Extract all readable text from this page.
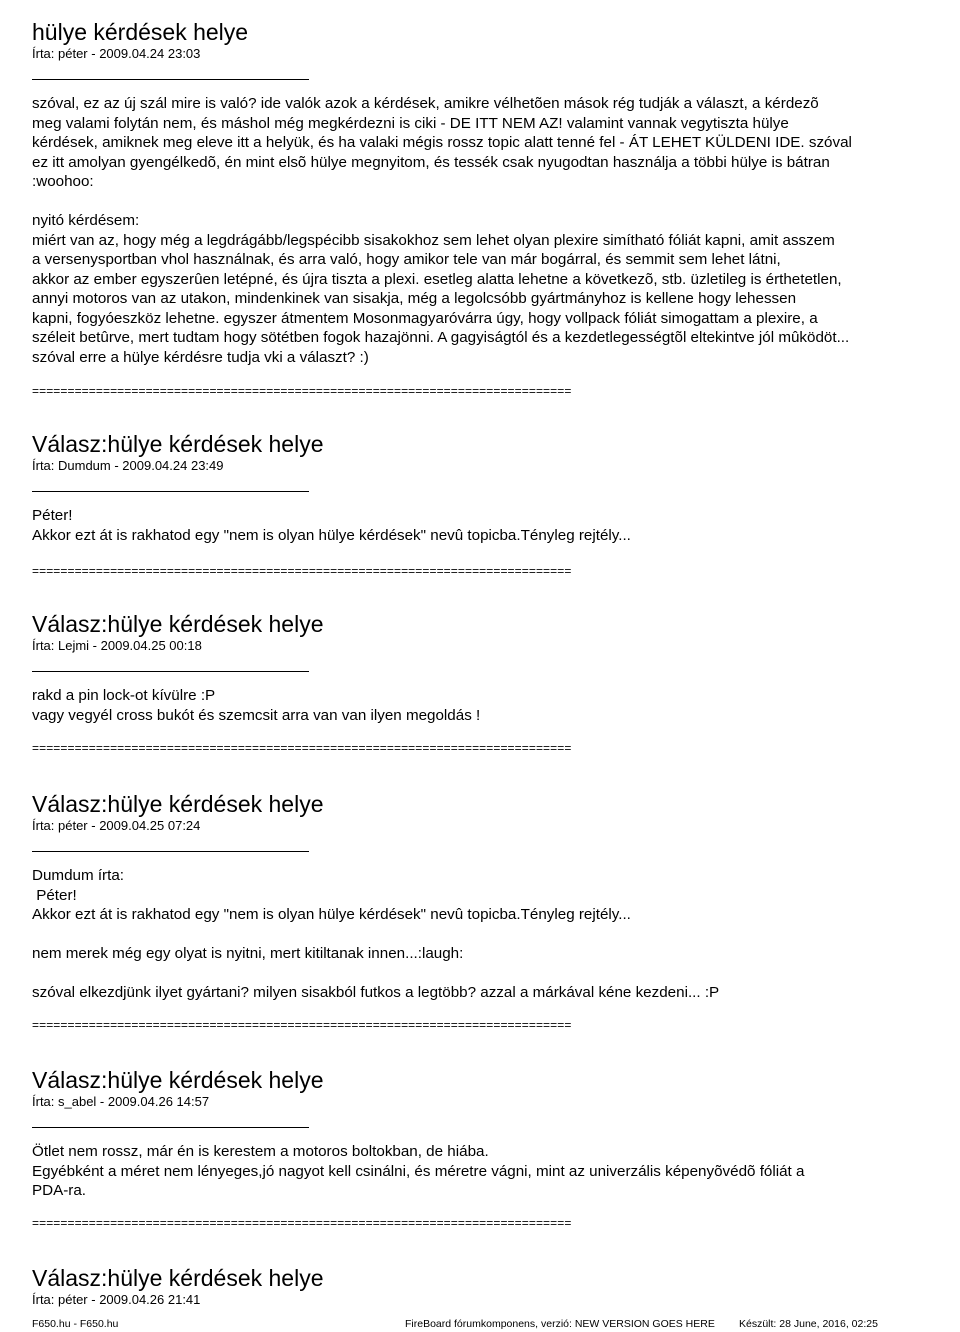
hülye kérdések helye
Írta: péter - 2009.04.24 23:03
szóval, ez az új szál mire is való? ide valók azok a kérdések, amikre vélhetõen mások rég tudják a választ, a kérdezõ
meg valami folytán nem, és máshol még megkérdezni is ciki - DE ITT NEM AZ! valamint vannak vegytiszta hülye
kérdések, amiknek meg eleve itt a helyük, és ha valaki mégis rossz topic alatt tenné fel - ÁT LEHET KÜLDENI IDE. szóval
ez itt amolyan gyengélkedõ, én mint elsõ hülye megnyitom, és tessék csak nyugodtan használja a többi hülye is bátran
:woohoo:

nyitó kérdésem:
miért van az, hogy még a legdrágább/legspécibb sisakokhoz sem lehet olyan plexire simítható fóliát kapni, amit asszem
a versenysportban vhol használnak, és arra való, hogy amikor tele van már bogárral, és semmit sem lehet látni,
akkor az ember egyszerûen letépné, és újra tiszta a plexi. esetleg alatta lehetne a következõ, stb. üzletileg is érthetetlen,
annyi motoros van az utakon, mindenkinek van sisakja, még a legolcsóbb gyártmányhoz is kellene hogy lehessen
kapni, fogyóeszköz lehetne. egyszer átmentem Mosonmagyaróvárra úgy, hogy vollpack fóliát simogattam a plexire, a
széleit betûrve, mert tudtam hogy sötétben fogok hazajönni. A gagyiságtól és a kezdetlegességtõl eltekintve jól mûködöt...
szóval erre a hülye kérdésre tudja vki a választ? :)
============================================================================
Válasz:hülye kérdések helye
Írta: Dumdum - 2009.04.24 23:49
Péter!
Akkor ezt át is rakhatod egy "nem is olyan hülye kérdések" nevû topicba.Tényleg rejtély...
============================================================================
Válasz:hülye kérdések helye
Írta: Lejmi - 2009.04.25 00:18
rakd a pin lock-ot kívülre :P
vagy vegyél cross bukót és szemcsit arra van van ilyen megoldás !
============================================================================
Válasz:hülye kérdések helye
Írta: péter - 2009.04.25 07:24
Dumdum írta:
Péter!
Akkor ezt át is rakhatod egy "nem is olyan hülye kérdések" nevû topicba.Tényleg rejtély...

nem merek még egy olyat is nyitni, mert kitiltanak innen...:laugh:

szóval elkezdjünk ilyet gyártani? milyen sisakból futkos a legtöbb? azzal a márkával kéne kezdeni... :P
============================================================================
Válasz:hülye kérdések helye
Írta: s_abel - 2009.04.26 14:57
Ötlet nem rossz, már én is kerestem a motoros boltokban, de hiába.
Egyébként a méret nem lényeges,jó nagyot kell csinálni, és méretre vágni, mint az univerzális képenyõvédõ fóliát a
PDA-ra.
============================================================================
Válasz:hülye kérdések helye
Írta: péter - 2009.04.26 21:41
F650.hu - F650.hu	FireBoard fórumkomponens, verzió: NEW VERSION GOES HERE Készült: 28 June, 2016, 02:25
